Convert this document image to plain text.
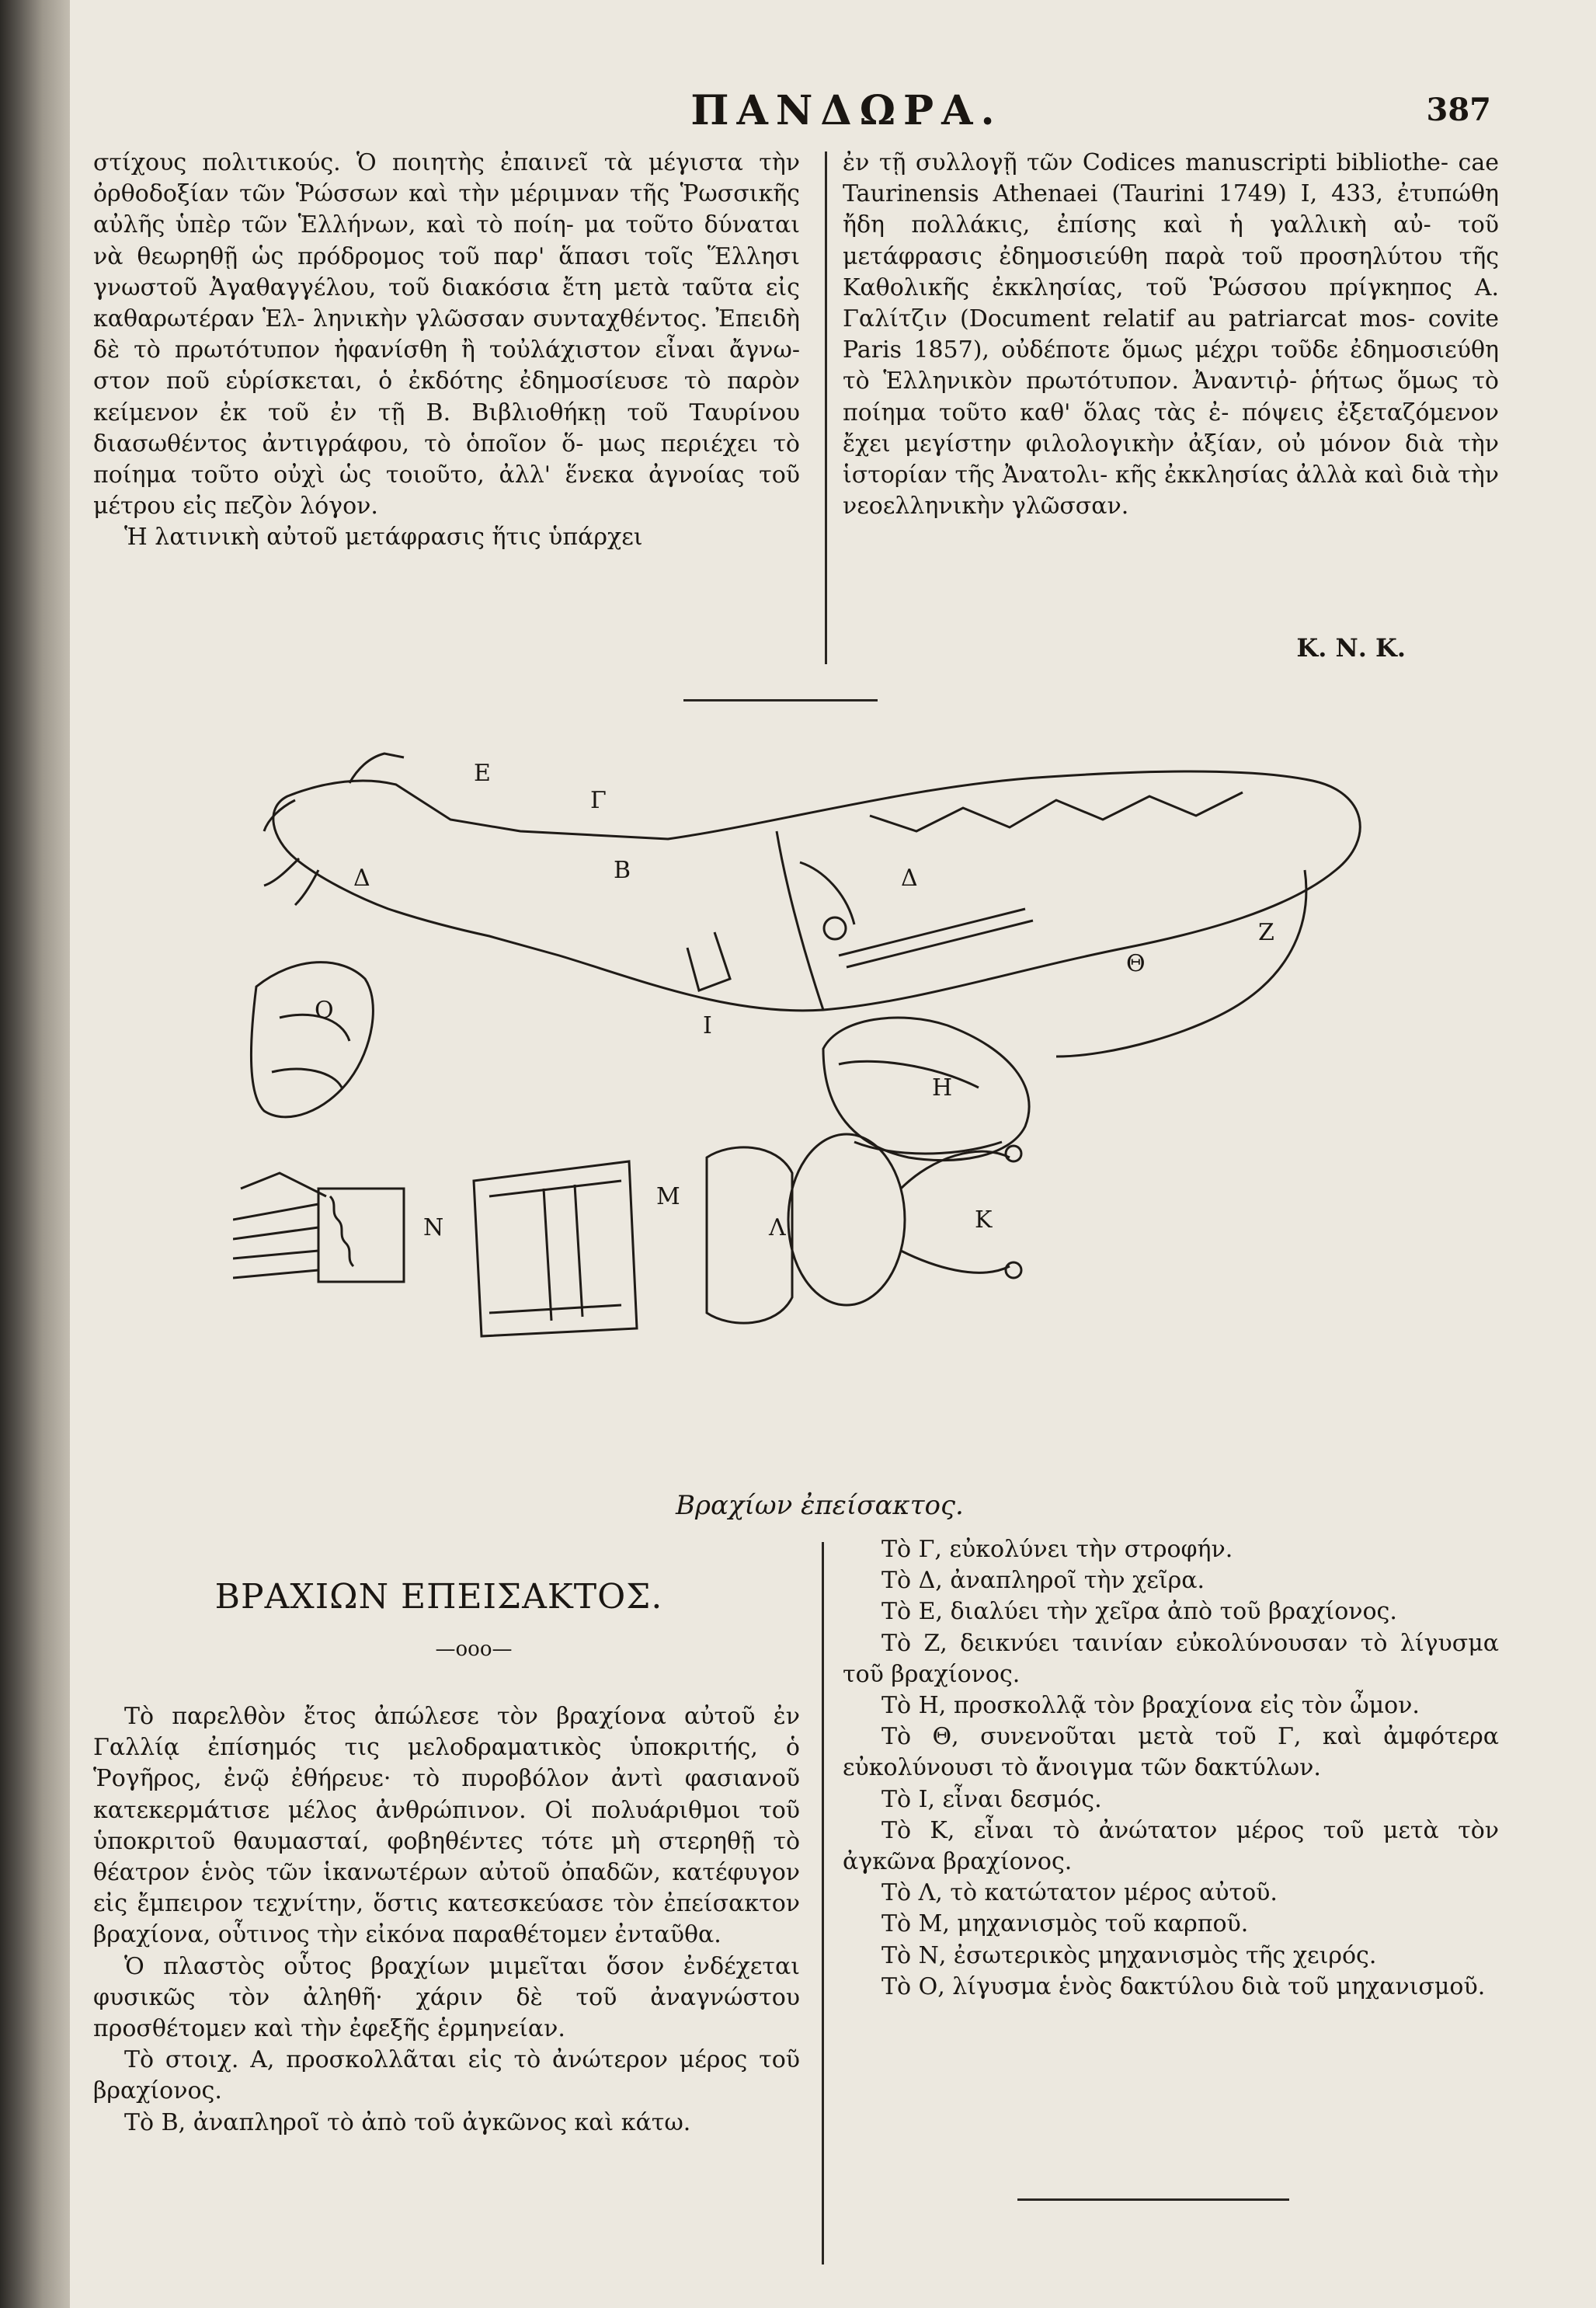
ΠΑΝΔΩΡΑ.	387

στίχους πολιτικούς. Ὁ ποιητὴς ἐπαινεῖ τὰ μέγιστα τὴν ὀρθοδοξίαν τῶν Ῥώσσων καὶ τὴν μέριμναν τῆς Ῥωσσικῆς αὐλῆς ὑπὲρ τῶν Ἑλλήνων, καὶ τὸ ποίη- μα τοῦτο δύναται νὰ θεωρηθῇ ὡς πρόδρομος τοῦ παρ' ἅπασι τοῖς Ἕλλησι γνωστοῦ Ἀγαθαγγέλου, τοῦ διακόσια ἔτη μετὰ ταῦτα εἰς καθαρωτέραν Ἑλ- ληνικὴν γλῶσσαν συνταχθέντος. Ἐπειδὴ δὲ τὸ πρωτότυπον ἠφανίσθη ἢ τοὐλάχιστον εἶναι ἄγνω- στον ποῦ εὑρίσκεται, ὁ ἐκδότης ἐδημοσίευσε τὸ παρὸν κείμενον ἐκ τοῦ ἐν τῇ Β. Βιβλιοθήκῃ τοῦ Ταυρίνου διασωθέντος ἀντιγράφου, τὸ ὁποῖον ὅ- μως περιέχει τὸ ποίημα τοῦτο οὐχὶ ὡς τοιοῦτο, ἀλλ' ἕνεκα ἀγνοίας τοῦ μέτρου εἰς πεζὸν λόγον.

Ἡ λατινικὴ αὐτοῦ μετάφρασις ἥτις ὑπάρχει

ἐν τῇ συλλογῇ τῶν Codices manuscripti bibliothe- cae Taurinensis Athenaei (Taurini 1749) I, 433, ἐτυπώθη ἤδη πολλάκις, ἐπίσης καὶ ἡ γαλλικὴ αὐ- τοῦ μετάφρασις ἐδημοσιεύθη παρὰ τοῦ προσηλύτου τῆς Καθολικῆς ἐκκλησίας, τοῦ Ῥώσσου πρίγκηπος Α. Γαλίτζιν (Document relatif au patriarcat mos- covite Paris 1857), οὐδέποτε ὅμως μέχρι τοῦδε ἐδημοσιεύθη τὸ Ἑλληνικὸν πρωτότυπον. Ἀναντιῤ- ῥήτως ὅμως τὸ ποίημα τοῦτο καθ' ὅλας τὰς ἐ- πόψεις ἐξεταζόμενον ἔχει μεγίστην φιλολογικὴν ἀξίαν, οὐ μόνον διὰ τὴν ἱστορίαν τῆς Ἀνατολι- κῆς ἐκκλησίας ἀλλὰ καὶ διὰ τὴν νεοελληνικὴν γλῶσσαν.

Κ. Ν. Κ.
Δ
Ε
Γ
Β	Δ
Ζ
Θ
Ι
Η
Ο
Ν
Μ
Λ	Κ
Βραχίων ἐπείσακτος.
ΒΡΑΧΙΩΝ ΕΠΕΙΣΑΚΤΟΣ.
—οοο—

Τὸ παρελθὸν ἔτος ἀπώλεσε τὸν βραχίονα αὐτοῦ ἐν Γαλλίᾳ ἐπίσημός τις μελοδραματικὸς ὑποκριτής, ὁ Ῥογῆρος, ἐνῷ ἐθήρευε· τὸ πυροβόλον ἀντὶ φασιανοῦ κατεκερμάτισε μέλος ἀνθρώπινον. Οἱ πολυάριθμοι τοῦ ὑποκριτοῦ θαυμασταί, φοβηθέντες τότε μὴ στερηθῇ τὸ θέατρον ἑνὸς τῶν ἱκανωτέρων αὐτοῦ ὀπαδῶν, κατέφυγον εἰς ἔμπειρον τεχνίτην, ὅστις κατεσκεύασε τὸν ἐπείσακτον βραχίονα, οὗτινος τὴν εἰκόνα παραθέτομεν ἐνταῦθα.

Ὁ πλαστὸς οὗτος βραχίων μιμεῖται ὅσον ἐνδέχεται φυσικῶς τὸν ἀληθῆ· χάριν δὲ τοῦ ἀναγνώστου προσθέτομεν καὶ τὴν ἐφεξῆς ἑρμηνείαν.

Τὸ στοιχ. Α, προσκολλᾶται εἰς τὸ ἀνώτερον μέρος τοῦ βραχίονος.

Τὸ Β, ἀναπληροῖ τὸ ἀπὸ τοῦ ἀγκῶνος καὶ κάτω.

Τὸ Γ, εὐκολύνει τὴν στροφήν.

Τὸ Δ, ἀναπληροῖ τὴν χεῖρα.

Τὸ Ε, διαλύει τὴν χεῖρα ἀπὸ τοῦ βραχίονος.

Τὸ Ζ, δεικνύει ταινίαν εὐκολύνουσαν τὸ λίγυσμα τοῦ βραχίονος.

Τὸ Η, προσκολλᾷ τὸν βραχίονα εἰς τὸν ὦμον.

Τὸ Θ, συνενοῦται μετὰ τοῦ Γ, καὶ ἀμφότερα εὐκολύνουσι τὸ ἄνοιγμα τῶν δακτύλων.

Τὸ Ι, εἶναι δεσμός.

Τὸ Κ, εἶναι τὸ ἀνώτατον μέρος τοῦ μετὰ τὸν ἀγκῶνα βραχίονος.

Τὸ Λ, τὸ κατώτατον μέρος αὐτοῦ.

Τὸ Μ, μηχανισμὸς τοῦ καρποῦ.

Τὸ Ν, ἐσωτερικὸς μηχανισμὸς τῆς χειρός.

Τὸ Ο, λίγυσμα ἑνὸς δακτύλου διὰ τοῦ μηχανισμοῦ.
